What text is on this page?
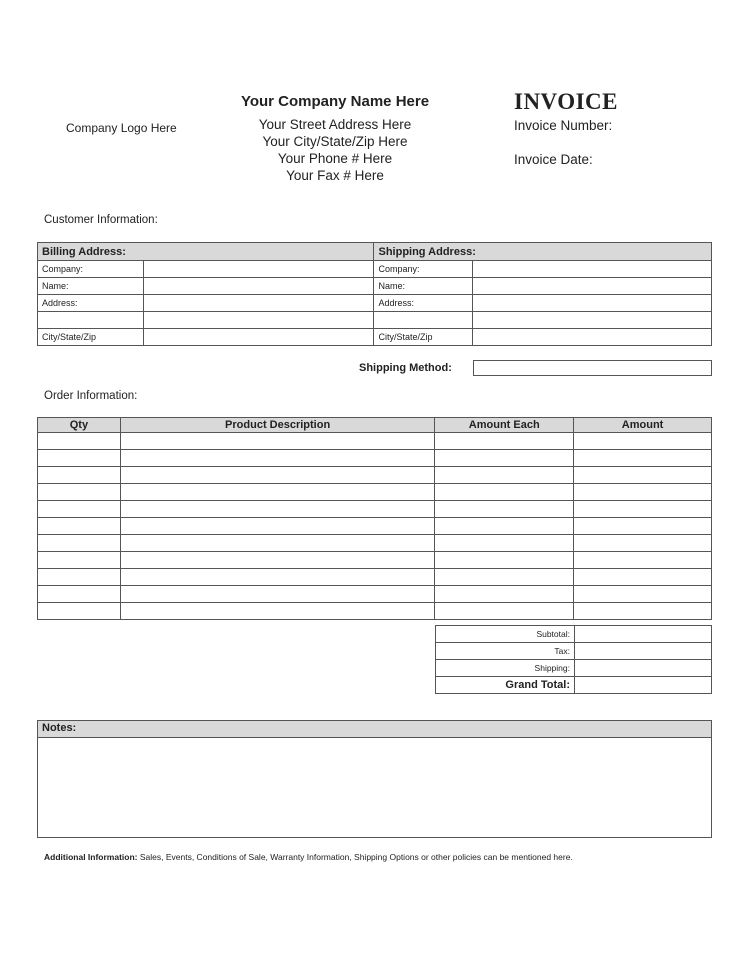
Company Logo Here
Your Company Name Here
Your Street Address Here
Your City/State/Zip Here
Your Phone # Here
Your Fax # Here
INVOICE
Invoice Number:
Invoice Date:
Customer Information:
Billing Address:		Shipping Address:	
Company:		Company:	
Name:		Name:	
Address:		Address:	

City/State/Zip		City/State/Zip	
Shipping Method:
Order Information:
Qty	Product Description	Amount Each	Amount

Subtotal:	
Tax:	
Shipping:	
Grand Total:	
Notes:
Additional Information: Sales, Events, Conditions of Sale, Warranty Information, Shipping Options or other policies can be mentioned here.
